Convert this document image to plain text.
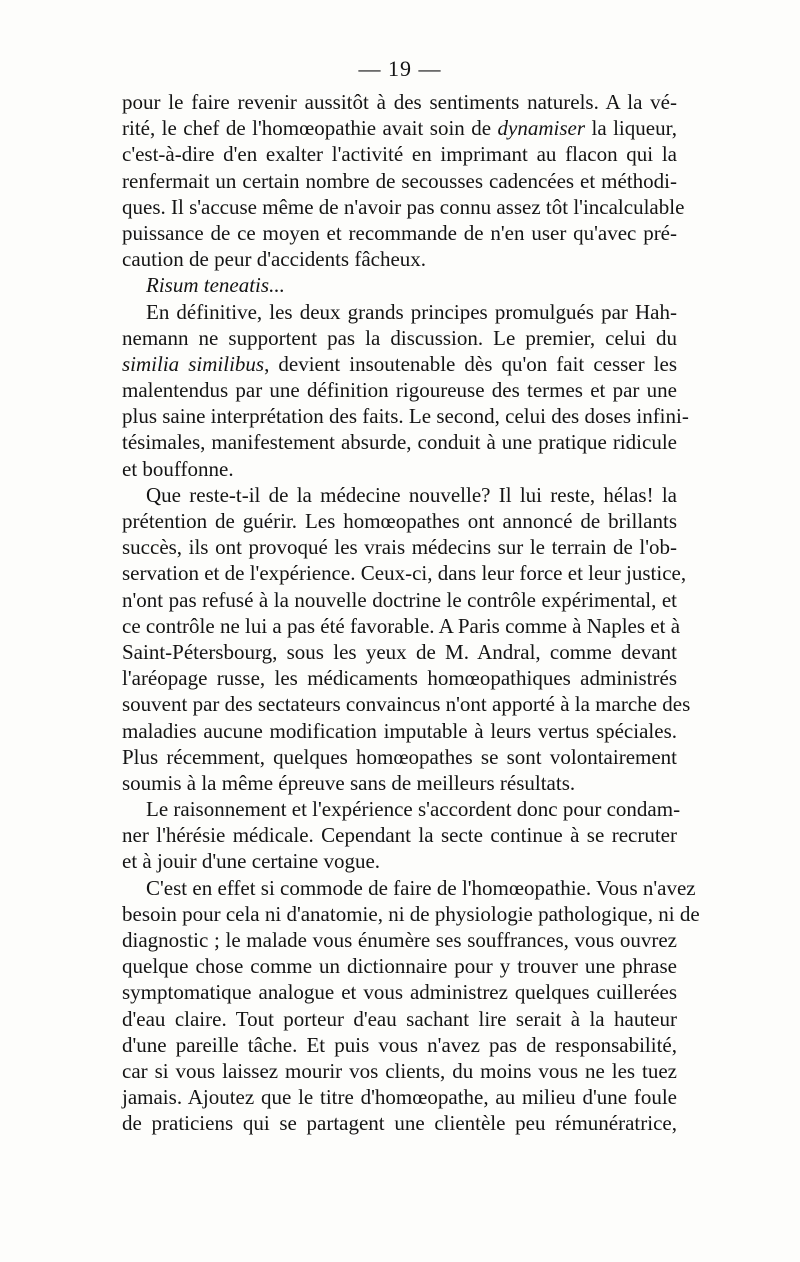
— 19 —
pour le faire revenir aussitôt à des sentiments naturels. A la vé-
rité, le chef de l'homœopathie avait soin de dynamiser la liqueur,
c'est-à-dire d'en exalter l'activité en imprimant au flacon qui la
renfermait un certain nombre de secousses cadencées et méthodi-
ques. Il s'accuse même de n'avoir pas connu assez tôt l'incalculable
puissance de ce moyen et recommande de n'en user qu'avec pré-
caution de peur d'accidents fâcheux.
Risum teneatis...
En définitive, les deux grands principes promulgués par Hah-
nemann ne supportent pas la discussion. Le premier, celui du
similia similibus, devient insoutenable dès qu'on fait cesser les
malentendus par une définition rigoureuse des termes et par une
plus saine interprétation des faits. Le second, celui des doses infini-
tésimales, manifestement absurde, conduit à une pratique ridicule
et bouffonne.
Que reste-t-il de la médecine nouvelle? Il lui reste, hélas! la
prétention de guérir. Les homœopathes ont annoncé de brillants
succès, ils ont provoqué les vrais médecins sur le terrain de l'ob-
servation et de l'expérience. Ceux-ci, dans leur force et leur justice,
n'ont pas refusé à la nouvelle doctrine le contrôle expérimental, et
ce contrôle ne lui a pas été favorable. A Paris comme à Naples et à
Saint-Pétersbourg, sous les yeux de M. Andral, comme devant
l'aréopage russe, les médicaments homœopathiques administrés
souvent par des sectateurs convaincus n'ont apporté à la marche des
maladies aucune modification imputable à leurs vertus spéciales.
Plus récemment, quelques homœopathes se sont volontairement
soumis à la même épreuve sans de meilleurs résultats.
Le raisonnement et l'expérience s'accordent donc pour condam-
ner l'hérésie médicale. Cependant la secte continue à se recruter
et à jouir d'une certaine vogue.
C'est en effet si commode de faire de l'homœopathie. Vous n'avez
besoin pour cela ni d'anatomie, ni de physiologie pathologique, ni de
diagnostic ; le malade vous énumère ses souffrances, vous ouvrez
quelque chose comme un dictionnaire pour y trouver une phrase
symptomatique analogue et vous administrez quelques cuillerées
d'eau claire. Tout porteur d'eau sachant lire serait à la hauteur
d'une pareille tâche. Et puis vous n'avez pas de responsabilité,
car si vous laissez mourir vos clients, du moins vous ne les tuez
jamais. Ajoutez que le titre d'homœopathe, au milieu d'une foule
de praticiens qui se partagent une clientèle peu rémunératrice,
